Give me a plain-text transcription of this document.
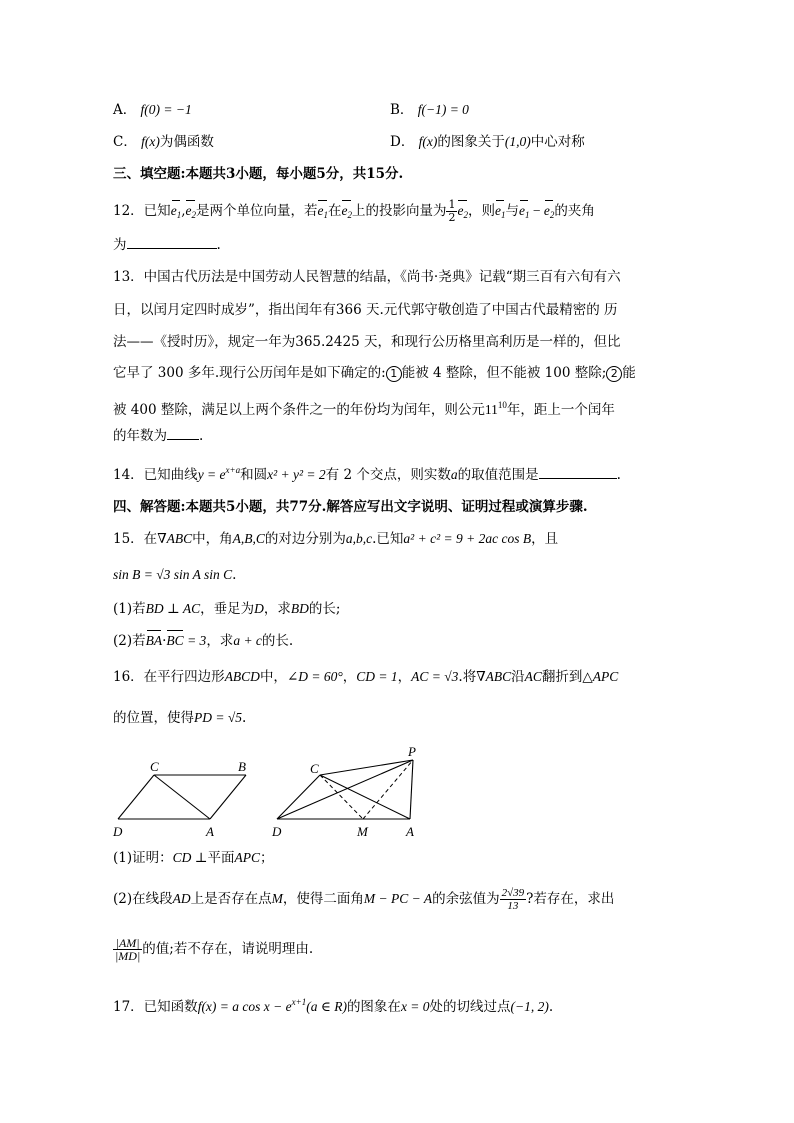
A． f(0) = −1	B． f(−1) = 0
C． f(x)为偶函数	D． f(x)的图象关于(1,0)中心对称
三、填空题:本题共3小题，每小题5分，共15分.
12．已知$e_1,e_2$是两个单位向量，若$e_1$在$e_2$上的投影向量为 $\frac{1}{2} e_2$，则$e_1$与$e_1 - e_2$的夹角
为	.
13．中国古代历法是中国劳动人民智慧的结晶，《尚书·尧典》记载“期三百有六旬有六
日，以闰月定四时成岁”，指出闰年有366 天.元代郭守敬创造了中国古代最精密的 历
法——《授时历》，规定一年为365.2425 天，和现行公历格里高利历是一样的，但比
它早了 300 多年.现行公历闰年是如下确定的: 1 能被 4 整除，但不能被 100 整除; 2 能
被 400 整除，满足以上两个条件之一的年份均为闰年，则公元$11^{10}$年，距上一个闰年
的年数为 .
14．已知曲线$y = e^{x+a}$和圆x² + y² = 2有 2 个交点，则实数a的取值范围是	.
四、解答题:本题共5小题，共77分.解答应写出文字说明、证明过程或演算步骤.
15．在∇ABC中，角A,B,C的对边分别为a,b,c.已知a² + c² = 9 + 2ac cos B，且
sin B = √3 sin A sin C.
(1)若BD ⊥ AC，垂足为D，求BD的长;
(2)若BA·BC = 3，求a + c的长.
16．在平行四边形ABCD中，∠D = 60°，CD = 1，AC = √3.将∇ABC沿AC翻折到△APC
的位置，使得PD = √5.
C	B
D	A
P
C
D	M	A
(1)证明：CD ⊥平面APC；
(2)在线段AD上是否存在点M，使得二面角M − PC − A的余弦值为 $\frac{2√39}{13}$ ?若存在，求出
$\frac{|AM|}{|MD|}$ 的值;若不存在，请说明理由.
17．已知函数f(x) = a $\cos x - e^{x+1}(a$ ∈ R)的图象在x = 0处的切线过点(−1, 2).
